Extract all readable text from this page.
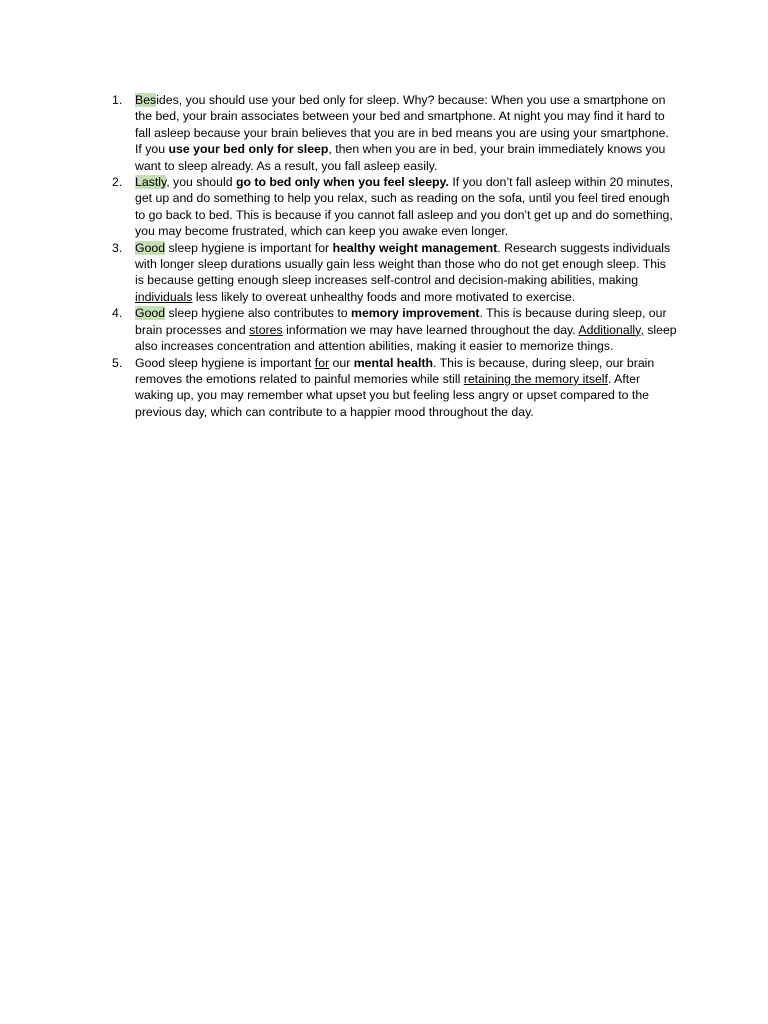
1. Besides, you should use your bed only for sleep. Why? because: When you use a smartphone on the bed, your brain associates between your bed and smartphone. At night you may find it hard to fall asleep because your brain believes that you are in bed means you are using your smartphone. If you use your bed only for sleep, then when you are in bed, your brain immediately knows you want to sleep already. As a result, you fall asleep easily.
2. Lastly, you should go to bed only when you feel sleepy. If you don’t fall asleep within 20 minutes, get up and do something to help you relax, such as reading on the sofa, until you feel tired enough to go back to bed. This is because if you cannot fall asleep and you don’t get up and do something, you may become frustrated, which can keep you awake even longer.
3. Good sleep hygiene is important for healthy weight management. Research suggests individuals with longer sleep durations usually gain less weight than those who do not get enough sleep. This is because getting enough sleep increases self-control and decision-making abilities, making individuals less likely to overeat unhealthy foods and more motivated to exercise.
4. Good sleep hygiene also contributes to memory improvement. This is because during sleep, our brain processes and stores information we may have learned throughout the day. Additionally, sleep also increases concentration and attention abilities, making it easier to memorize things.
5. Good sleep hygiene is important for our mental health. This is because, during sleep, our brain removes the emotions related to painful memories while still retaining the memory itself. After waking up, you may remember what upset you but feeling less angry or upset compared to the previous day, which can contribute to a happier mood throughout the day.
